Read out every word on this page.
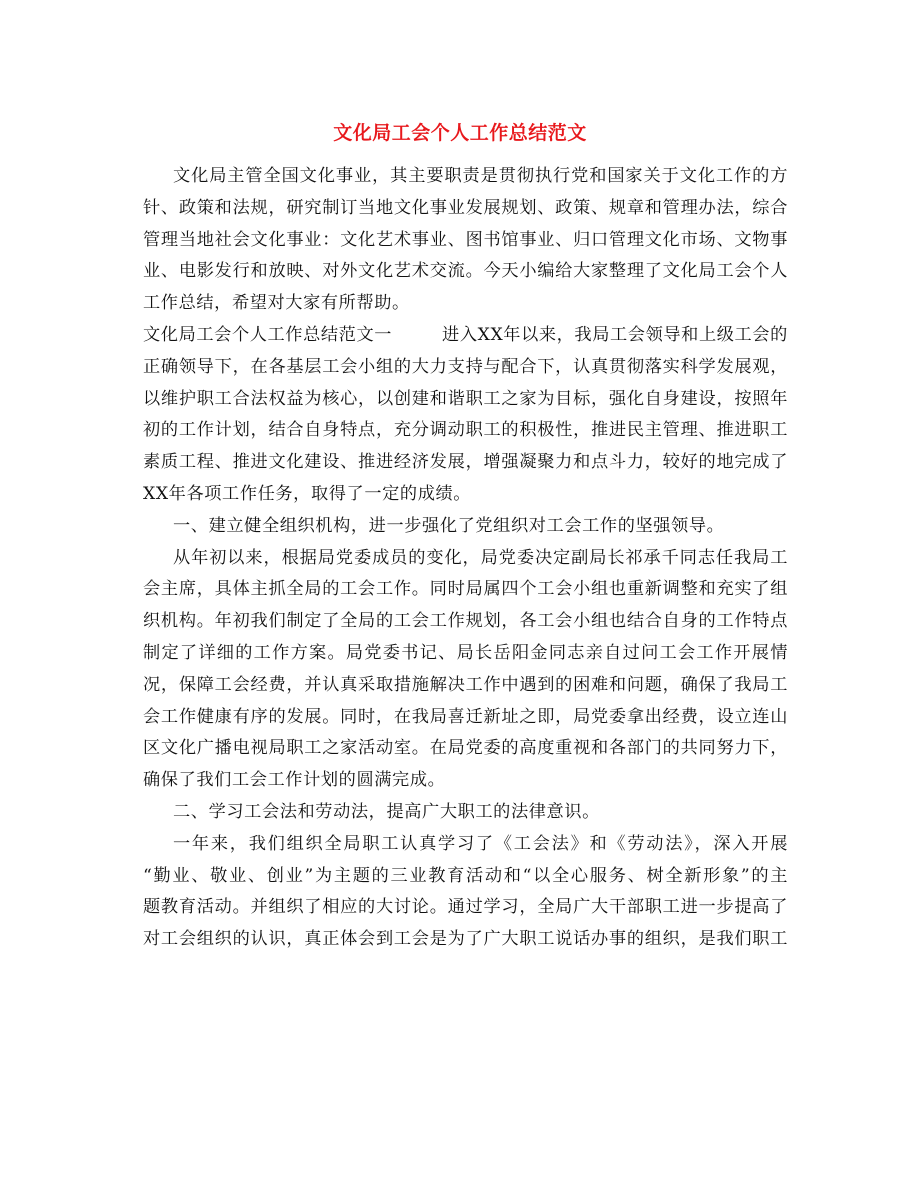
文化局工会个人工作总结范文
文化局主管全国文化事业，其主要职责是贯彻执行党和国家关于文化工作的方
针、政策和法规，研究制订当地文化事业发展规划、政策、规章和管理办法，综合
管理当地社会文化事业：文化艺术事业、图书馆事业、归口管理文化市场、文物事
业、电影发行和放映、对外文化艺术交流。今天小编给大家整理了文化局工会个人
工作总结，希望对大家有所帮助。
文化局工会个人工作总结范文一	进入XX年以来，我局工会领导和上级工会的
正确领导下，在各基层工会小组的大力支持与配合下，认真贯彻落实科学发展观，
以维护职工合法权益为核心，以创建和谐职工之家为目标，强化自身建设，按照年
初的工作计划，结合自身特点，充分调动职工的积极性，推进民主管理、推进职工
素质工程、推进文化建设、推进经济发展，增强凝聚力和点斗力，较好的地完成了
XX年各项工作任务，取得了一定的成绩。
一、建立健全组织机构，进一步强化了党组织对工会工作的坚强领导。
从年初以来，根据局党委成员的变化，局党委决定副局长祁承千同志任我局工
会主席，具体主抓全局的工会工作。同时局属四个工会小组也重新调整和充实了组
织机构。年初我们制定了全局的工会工作规划，各工会小组也结合自身的工作特点
制定了详细的工作方案。局党委书记、局长岳阳金同志亲自过问工会工作开展情
况，保障工会经费，并认真采取措施解决工作中遇到的困难和问题，确保了我局工
会工作健康有序的发展。同时，在我局喜迁新址之即，局党委拿出经费，设立连山
区文化广播电视局职工之家活动室。在局党委的高度重视和各部门的共同努力下，
确保了我们工会工作计划的圆满完成。
二、学习工会法和劳动法，提高广大职工的法律意识。
一年来，我们组织全局职工认真学习了《工会法》和《劳动法》，深入开展
“勤业、敬业、创业”为主题的三业教育活动和“以全心服务、树全新形象”的主
题教育活动。并组织了相应的大讨论。通过学习，全局广大干部职工进一步提高了
对工会组织的认识，真正体会到工会是为了广大职工说话办事的组织，是我们职工
